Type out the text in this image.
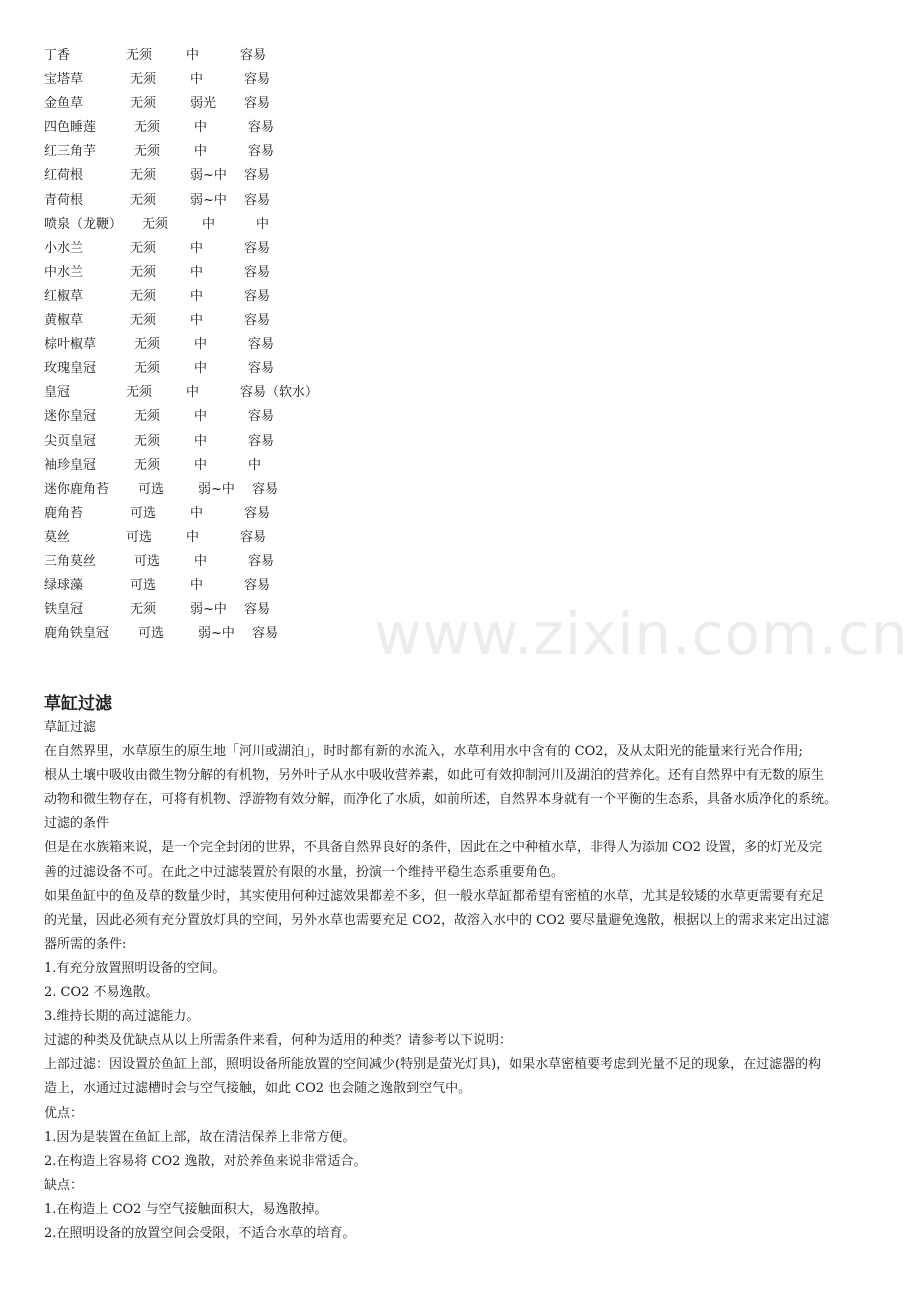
www.zixin.com.cn
丁香	无须	中	容易
宝塔草	无须	中	容易
金鱼草	无须	弱光 容易
四色睡莲	无须	中	容易
红三角芋	无须	中	容易
红荷根	无须	弱~中 容易
青荷根	无须	弱~中 容易
喷泉（龙鞭） 无须	中	中
小水兰	无须	中	容易
中水兰	无须	中	容易
红椒草	无须	中	容易
黄椒草	无须	中	容易
棕叶椒草	无须	中	容易
玫瑰皇冠	无须	中	容易
皇冠	无须	中	容易（软水）
迷你皇冠	无须	中	容易
尖页皇冠	无须	中	容易
袖珍皇冠	无须	中	中
迷你鹿角苔 可选	弱~中 容易
鹿角苔	可选	中	容易
莫丝	可选	中	容易
三角莫丝	可选	中	容易
绿球藻	可选	中	容易
铁皇冠	无须	弱~中 容易
鹿角铁皇冠 可选	弱~中 容易
草缸过滤

草缸过滤

在自然界里，水草原生的原生地「河川或湖泊」，时时都有新的水流入，水草利用水中含有的 CO2，及从太阳光的能量来行光合作用;

根从土壤中吸收由微生物分解的有机物，另外叶子从水中吸收营养素，如此可有效抑制河川及湖泊的营养化。还有自然界中有无数的原生

动物和微生物存在，可将有机物、浮游物有效分解，而净化了水质，如前所述，自然界本身就有一个平衡的生态系，具备水质净化的系统。

过滤的条件

但是在水族箱来说，是一个完全封闭的世界，不具备自然界良好的条件，因此在之中种植水草，非得人为添加 CO2 设置，多的灯光及完

善的过滤设备不可。在此之中过滤装置於有限的水量，扮演一个维持平稳生态系重要角色。

如果鱼缸中的鱼及草的数量少时，其实使用何种过滤效果都差不多，但一般水草缸都希望有密植的水草，尤其是较矮的水草更需要有充足

的光量，因此必须有充分置放灯具的空间，另外水草也需要充足 CO2，故溶入水中的 CO2 要尽量避免逸散，根据以上的需求来定出过滤

器所需的条件:

1.有充分放置照明设备的空间。

2. CO2 不易逸散。

3.维持长期的高过滤能力。

过滤的种类及优缺点从以上所需条件来看，何种为适用的种类？请参考以下说明：

上部过滤：因设置於鱼缸上部，照明设备所能放置的空间减少(特别是萤光灯具)，如果水草密植要考虑到光量不足的现象，在过滤器的构

造上，水通过过滤槽时会与空气接触，如此 CO2 也会随之逸散到空气中。

优点：

1.因为是装置在鱼缸上部，故在清洁保养上非常方便。

2.在构造上容易将 CO2 逸散，对於养鱼来说非常适合。

缺点：

1.在构造上 CO2 与空气接触面积大，易逸散掉。

2.在照明设备的放置空间会受限，不适合水草的培育。
